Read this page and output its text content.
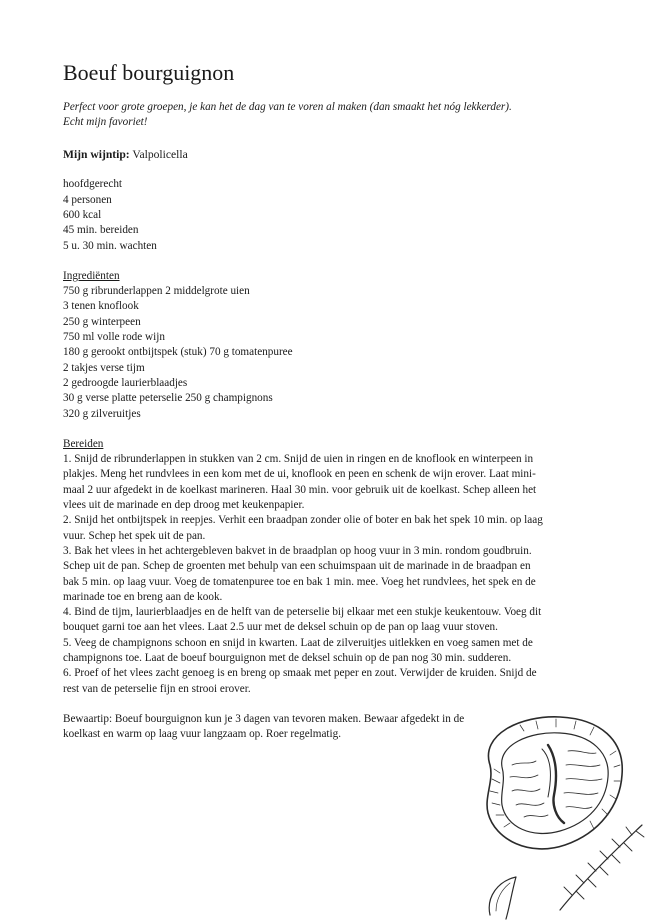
Boeuf bourguignon

Perfect voor grote groepen, je kan het de dag van te voren al maken (dan smaakt het nóg lekkerder).
Echt mijn favoriet!

Mijn wijntip: Valpolicella

hoofdgerecht
4 personen
600 kcal
45 min. bereiden
5 u. 30 min. wachten
Ingrediënten
750 g ribrunderlappen 2 middelgrote uien
3 tenen knoflook
250 g winterpeen
750 ml volle rode wijn
180 g gerookt ontbijtspek (stuk) 70 g tomatenpuree
2 takjes verse tijm
2 gedroogde laurierblaadjes
30 g verse platte peterselie 250 g champignons
320 g zilveruitjes
Bereiden
1. Snijd de ribrunderlappen in stukken van 2 cm. Snijd de uien in ringen en de knoflook en winterpeen in
plakjes. Meng het rundvlees in een kom met de ui, knoflook en peen en schenk de wijn erover. Laat mini-
maal 2 uur afgedekt in de koelkast marineren. Haal 30 min. voor gebruik uit de koelkast. Schep alleen het
vlees uit de marinade en dep droog met keukenpapier.
2. Snijd het ontbijtspek in reepjes. Verhit een braadpan zonder olie of boter en bak het spek 10 min. op laag
vuur. Schep het spek uit de pan.
3. Bak het vlees in het achtergebleven bakvet in de braadplan op hoog vuur in 3 min. rondom goudbruin.
Schep uit de pan. Schep de groenten met behulp van een schuimspaan uit de marinade in de braadpan en
bak 5 min. op laag vuur. Voeg de tomatenpuree toe en bak 1 min. mee. Voeg het rundvlees, het spek en de
marinade toe en breng aan de kook.
4. Bind de tijm, laurierblaadjes en de helft van de peterselie bij elkaar met een stukje keukentouw. Voeg dit
bouquet garni toe aan het vlees. Laat 2.5 uur met de deksel schuin op de pan op laag vuur stoven.
5. Veeg de champignons schoon en snijd in kwarten. Laat de zilveruitjes uitlekken en voeg samen met de
champignons toe. Laat de boeuf bourguignon met de deksel schuin op de pan nog 30 min. sudderen.
6. Proef of het vlees zacht genoeg is en breng op smaak met peper en zout. Verwijder de kruiden. Snijd de
rest van de peterselie fijn en strooi erover.
Bewaartip: Boeuf bourguignon kun je 3 dagen van tevoren maken. Bewaar afgedekt in de
koelkast en warm op laag vuur langzaam op. Roer regelmatig.
